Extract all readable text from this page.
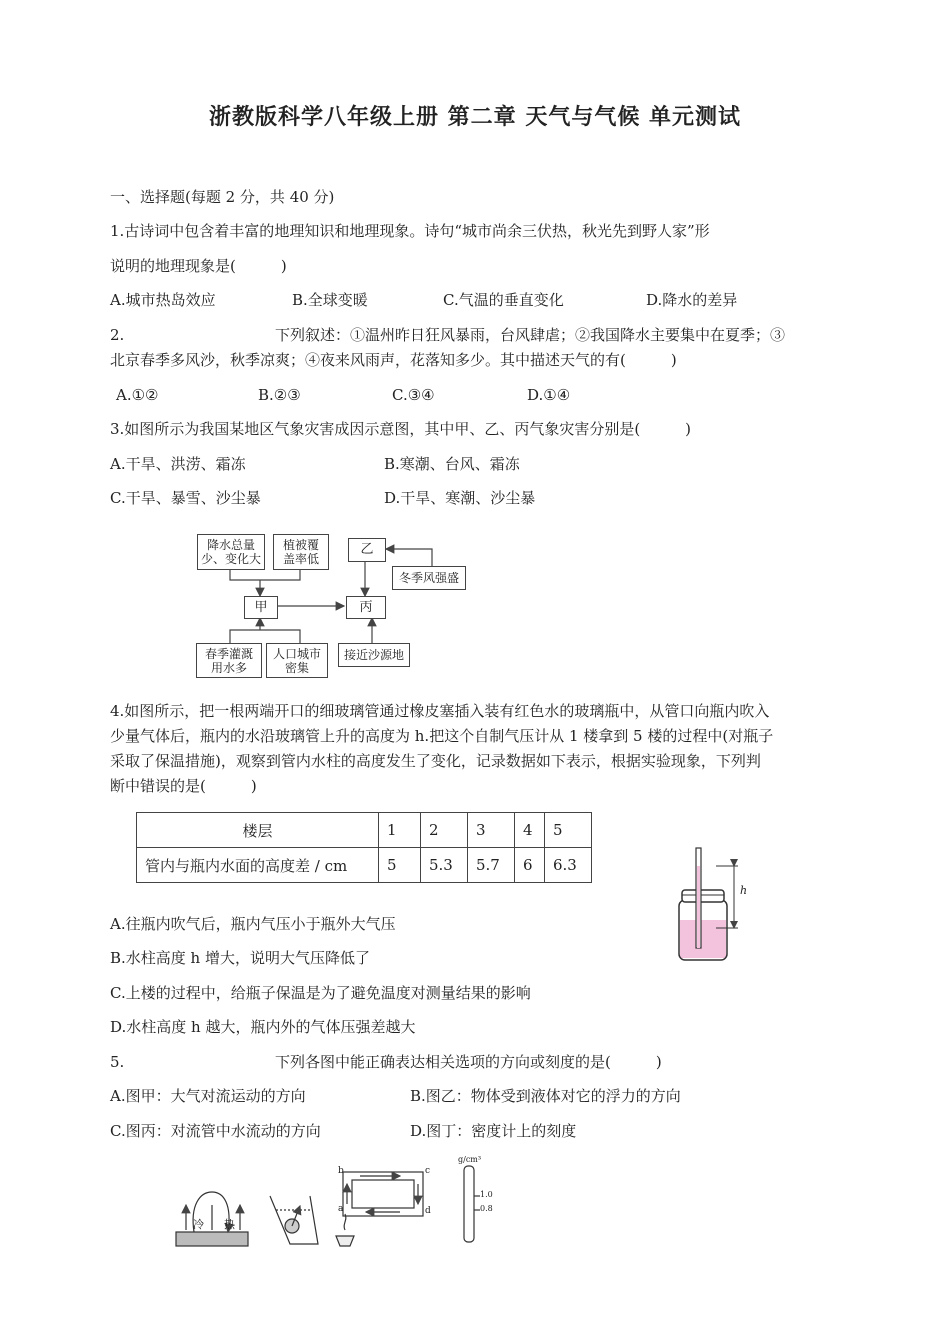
浙教版科学八年级上册 第二章 天气与气候 单元测试
一、选择题(每题 2 分，共 40 分)
1.古诗词中包含着丰富的地理知识和地理现象。诗句“城市尚余三伏热，秋光先到野人家”形
说明的地理现象是(　　　)
A.城市热岛效应	B.全球变暖	C.气温的垂直变化	D.降水的差异
2.	下列叙述：①温州昨日狂风暴雨，台风肆虐；②我国降水主要集中在夏季；③
北京春季多风沙，秋季凉爽；④夜来风雨声，花落知多少。其中描述天气的有(　　　)
A.①②	B.②③	C.③④	D.①④
3.如图所示为我国某地区气象灾害成因示意图，其中甲、乙、丙气象灾害分别是(　　　)
A.干旱、洪涝、霜冻	B.寒潮、台风、霜冻
C.干旱、暴雪、沙尘暴	D.干旱、寒潮、沙尘暴
降水总量
少、变化大
植被覆
盖率低
甲
乙
丙
冬季风强盛
春季灌溉
用水多
人口城市
密集
接近沙源地
4.如图所示，把一根两端开口的细玻璃管通过橡皮塞插入装有红色水的玻璃瓶中，从管口向瓶内吹入
少量气体后，瓶内的水沿玻璃管上升的高度为 h.把这个自制气压计从 1 楼拿到 5 楼的过程中(对瓶子
采取了保温措施)，观察到管内水柱的高度发生了变化，记录数据如下表示，根据实验现象，下列判
断中错误的是(　　　)
楼层	1	2	3	4	5
管内与瓶内水面的高度差 / cm	5	5.3	5.7	6	6.3
h
A.往瓶内吹气后，瓶内气压小于瓶外大气压
B.水柱高度 h 增大，说明大气压降低了
C.上楼的过程中，给瓶子保温是为了避免温度对测量结果的影响
D.水柱高度 h 越大，瓶内外的气体压强差越大
5.	下列各图中能正确表达相关选项的方向或刻度的是(　　　)
A.图甲：大气对流运动的方向	B.图乙：物体受到液体对它的浮力的方向
C.图丙：对流管中水流动的方向	D.图丁：密度计上的刻度
冷 热
a
b	c
d
g/cm³
1.0
0.8
